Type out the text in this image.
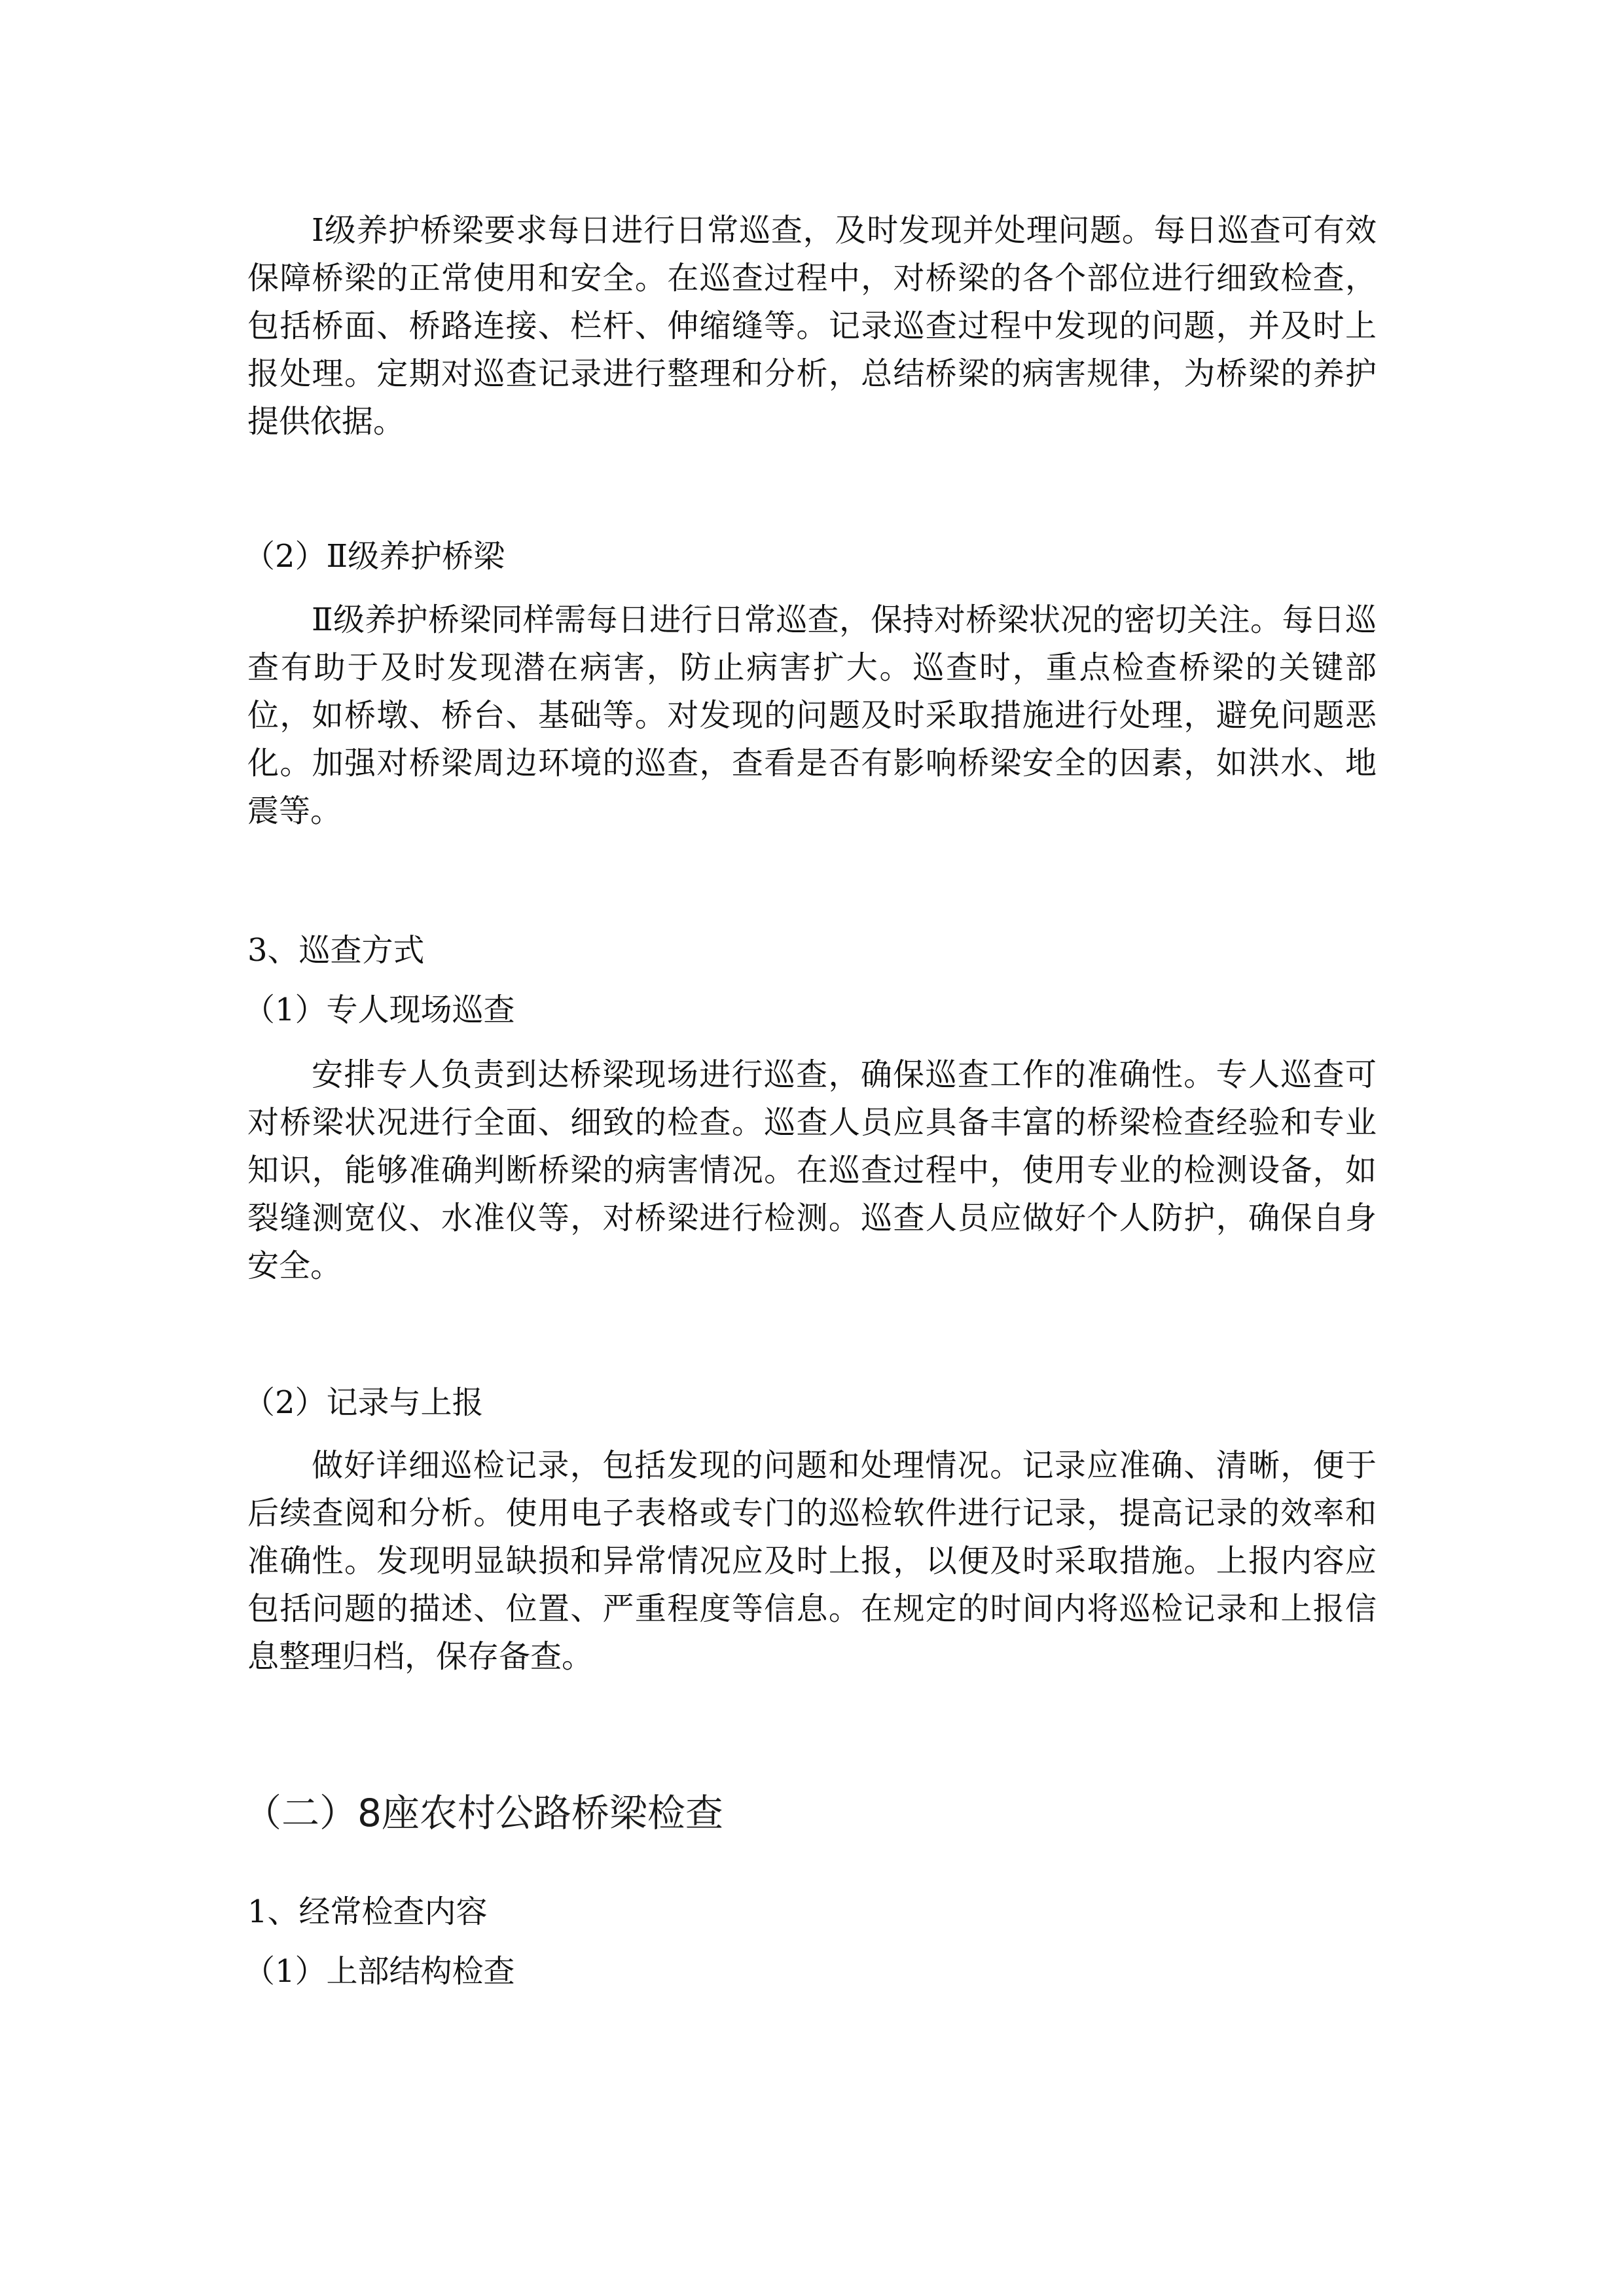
Ⅰ级养护桥梁要求每日进行日常巡查，及时发现并处理问题。每日巡查可有效保障桥梁的正常使用和安全。在巡查过程中，对桥梁的各个部位进行细致检查，包括桥面、桥路连接、栏杆、伸缩缝等。记录巡查过程中发现的问题，并及时上报处理。定期对巡查记录进行整理和分析，总结桥梁的病害规律，为桥梁的养护提供依据。

（2）Ⅱ级养护桥梁

Ⅱ级养护桥梁同样需每日进行日常巡查，保持对桥梁状况的密切关注。每日巡查有助于及时发现潜在病害，防止病害扩大。巡查时，重点检查桥梁的关键部位，如桥墩、桥台、基础等。对发现的问题及时采取措施进行处理，避免问题恶化。加强对桥梁周边环境的巡查，查看是否有影响桥梁安全的因素，如洪水、地震等。

3、巡查方式

（1）专人现场巡查

安排专人负责到达桥梁现场进行巡查，确保巡查工作的准确性。专人巡查可对桥梁状况进行全面、细致的检查。巡查人员应具备丰富的桥梁检查经验和专业知识，能够准确判断桥梁的病害情况。在巡查过程中，使用专业的检测设备，如裂缝测宽仪、水准仪等，对桥梁进行检测。巡查人员应做好个人防护，确保自身安全。

（2）记录与上报

做好详细巡检记录，包括发现的问题和处理情况。记录应准确、清晰，便于后续查阅和分析。使用电子表格或专门的巡检软件进行记录，提高记录的效率和准确性。发现明显缺损和异常情况应及时上报，以便及时采取措施。上报内容应包括问题的描述、位置、严重程度等信息。在规定的时间内将巡检记录和上报信息整理归档，保存备查。

（二）8座农村公路桥梁检查

1、经常检查内容

（1）上部结构检查
